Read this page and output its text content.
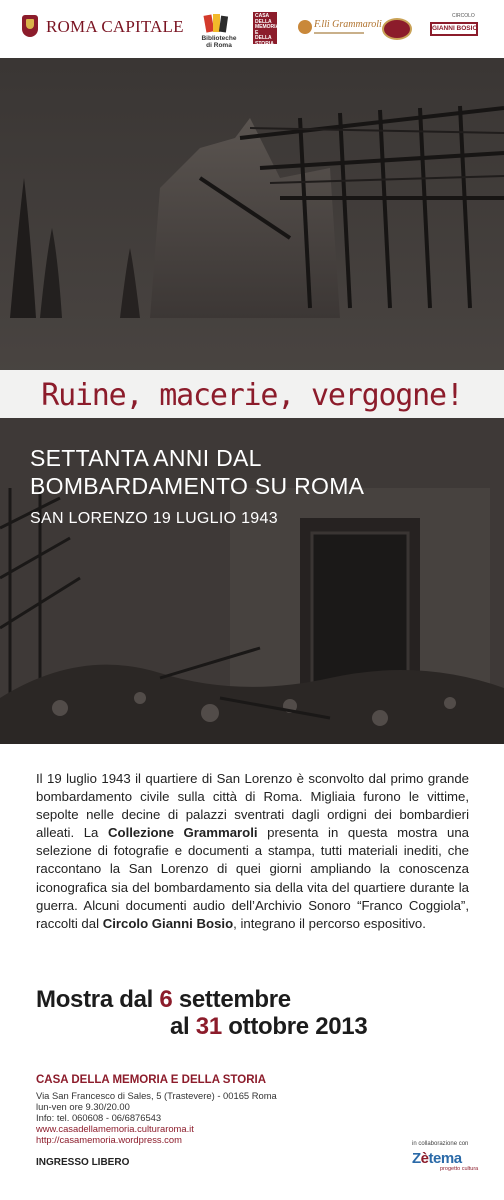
ROMA CAPITALE
Biblioteche di Roma
CASA
DELLA
MEMORIA
E DELLA
STORIA
F.lli Grammaroli
CIRCOLO
GIANNI BOSIO
Ruine, macerie, vergogne!
SETTANTA ANNI DAL
BOMBARDAMENTO SU ROMA
SAN LORENZO 19 LUGLIO 1943
Il 19 luglio 1943 il quartiere di San Lorenzo è sconvolto dal primo grande bombardamento civile sulla città di Roma. Migliaia furono le vittime, sepolte nelle decine di palazzi sventrati dagli ordigni dei bombardieri alleati. La Collezione Grammaroli presenta in questa mostra una selezione di fotografie e documenti a stampa, tutti materiali inediti, che raccontano la San Lorenzo di quei giorni ampliando la conoscenza iconografica sia del bombardamento sia della vita del quartiere durante la guerra. Alcuni documenti audio dell’Archivio Sonoro “Franco Coggiola”, raccolti dal Circolo Gianni Bosio, integrano il percorso espositivo.
Mostra dal 6 settembre
al 31 ottobre 2013
CASA DELLA MEMORIA E DELLA STORIA
Via San Francesco di Sales, 5 (Trastevere) - 00165 Roma
lun-ven ore 9.30/20.00
Info: tel. 060608 - 06/6876543
www.casadellamemoria.culturaroma.it
http://casamemoria.wordpress.com
INGRESSO LIBERO
in collaborazione con
Zètema
progetto cultura
